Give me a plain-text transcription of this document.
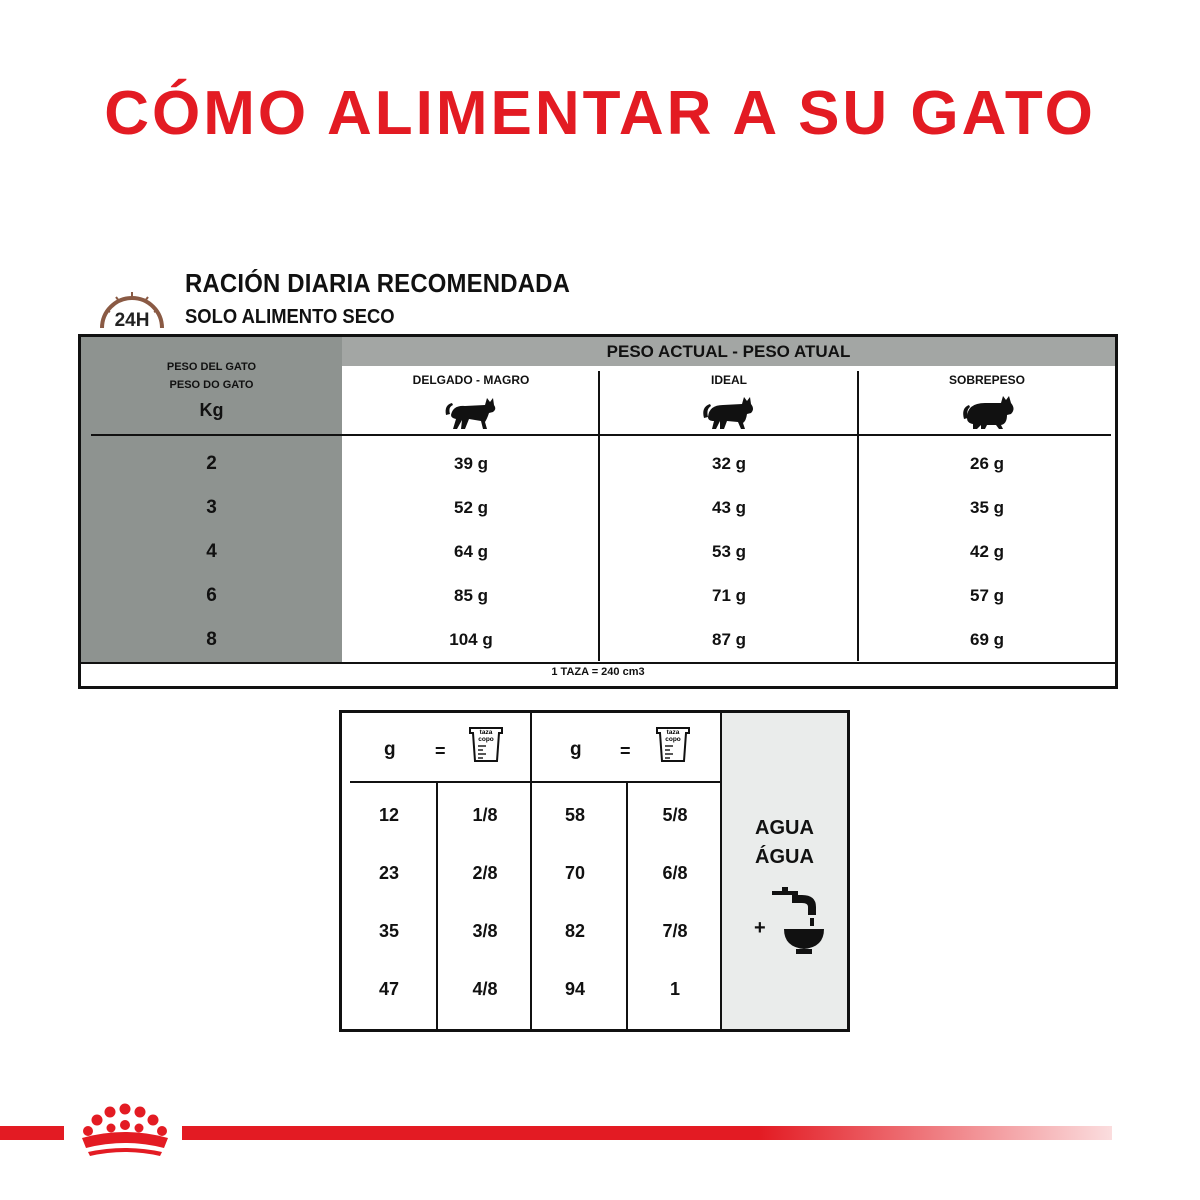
CÓMO ALIMENTAR A SU GATO
24H
RACIÓN DIARIA RECOMENDADA
SOLO ALIMENTO SECO
PESO ACTUAL - PESO ATUAL
PESO DEL GATO
PESO DO GATO
Kg
DELGADO - MAGRO	IDEAL	SOBREPESO
2	39 g	32 g	26 g
3	52 g	43 g	35 g
4	64 g	53 g	42 g
6	85 g	71 g	57 g
8	104 g	87 g	69 g
1 TAZA = 240 cm3
g =
taza
copo	g =
taza
copo
12	1/8	58	5/8
23	2/8	70	6/8
35	3/8	82	7/8
47	4/8	94	1
AGUA
ÁGUA
+
